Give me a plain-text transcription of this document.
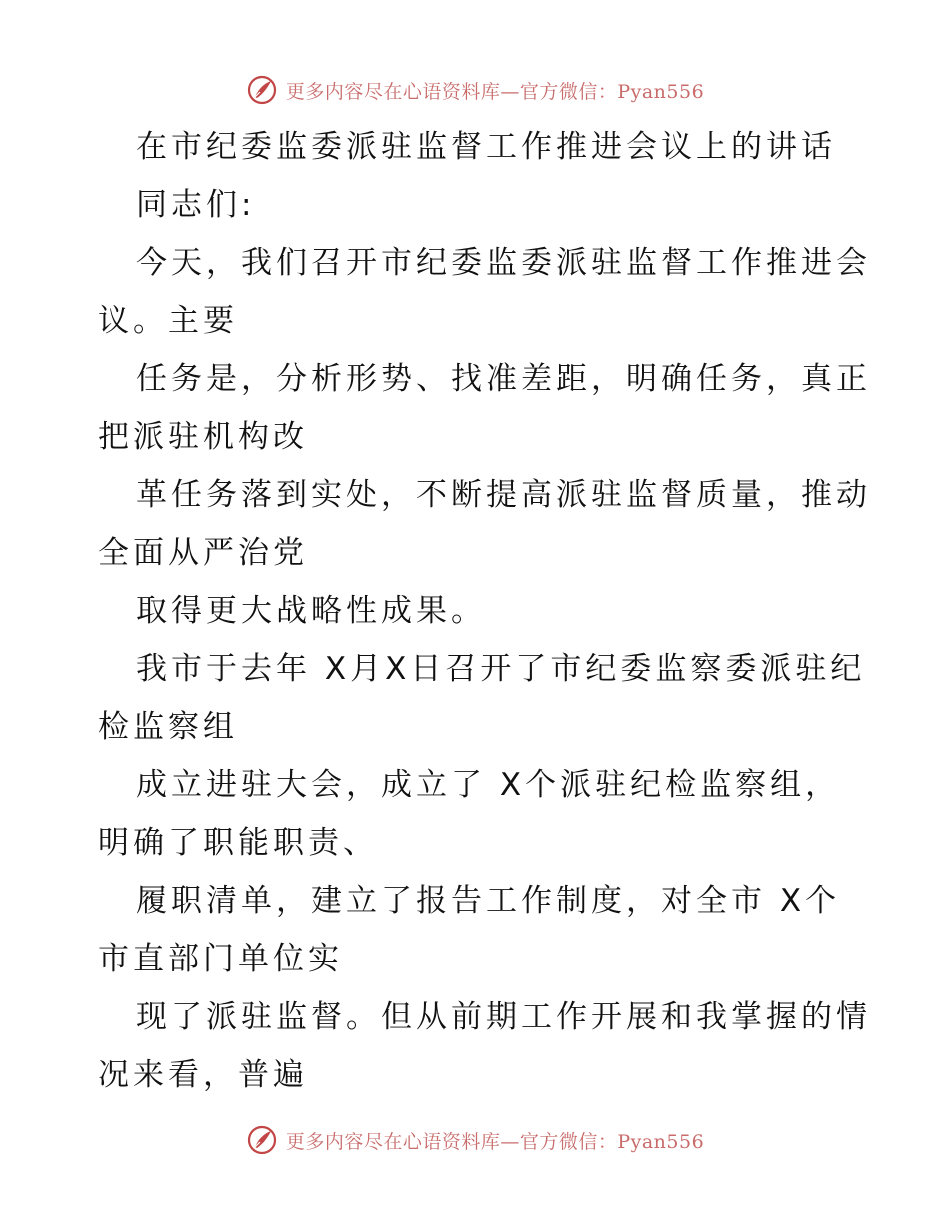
更多内容尽在心语资料库—官方微信：Pyan556
在市纪委监委派驻监督工作推进会议上的讲话
同志们:
今天，我们召开市纪委监委派驻监督工作推进会
议。主要
任务是，分析形势、找准差距，明确任务，真正
把派驻机构改
革任务落到实处，不断提高派驻监督质量，推动
全面从严治党
取得更大战略性成果。
我市于去年 X月X日召开了市纪委监察委派驻纪
检监察组
成立进驻大会，成立了 X个派驻纪检监察组，
明确了职能职责、
履职清单，建立了报告工作制度，对全市 X个
市直部门单位实
现了派驻监督。但从前期工作开展和我掌握的情
况来看，普遍
更多内容尽在心语资料库—官方微信：Pyan556
